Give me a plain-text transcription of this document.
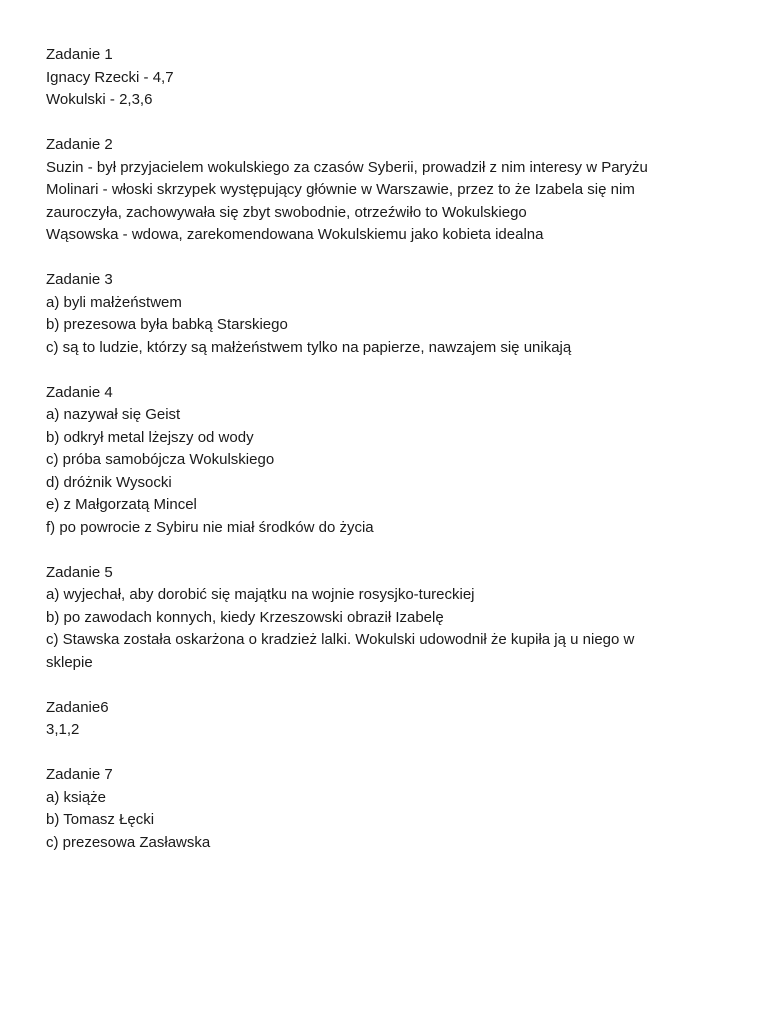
Zadanie 1
Ignacy Rzecki - 4,7
Wokulski - 2,3,6
Zadanie 2
Suzin - był przyjacielem wokulskiego za czasów Syberii, prowadził z nim interesy w Paryżu
Molinari - włoski skrzypek występujący głównie w Warszawie, przez to że Izabela się nim
zauroczyła, zachowywała się zbyt swobodnie, otrzeźwiło to Wokulskiego
Wąsowska - wdowa, zarekomendowana Wokulskiemu jako kobieta idealna
Zadanie 3
a) byli małżeństwem
b) prezesowa była babką Starskiego
c) są to ludzie, którzy są małżeństwem tylko na papierze, nawzajem się unikają
Zadanie 4
a) nazywał się Geist
b) odkrył metal lżejszy od wody
c) próba samobójcza Wokulskiego
d) dróżnik Wysocki
e) z Małgorzatą Mincel
f) po powrocie z Sybiru nie miał środków do życia
Zadanie 5
a) wyjechał, aby dorobić się majątku na wojnie rosysjko-tureckiej
b) po zawodach konnych, kiedy Krzeszowski obraził Izabelę
c) Stawska została oskarżona o kradzież lalki. Wokulski udowodnił że kupiła ją u niego w
sklepie
Zadanie6
3,1,2
Zadanie 7
a) książe
b) Tomasz Łęcki
c) prezesowa Zasławska
